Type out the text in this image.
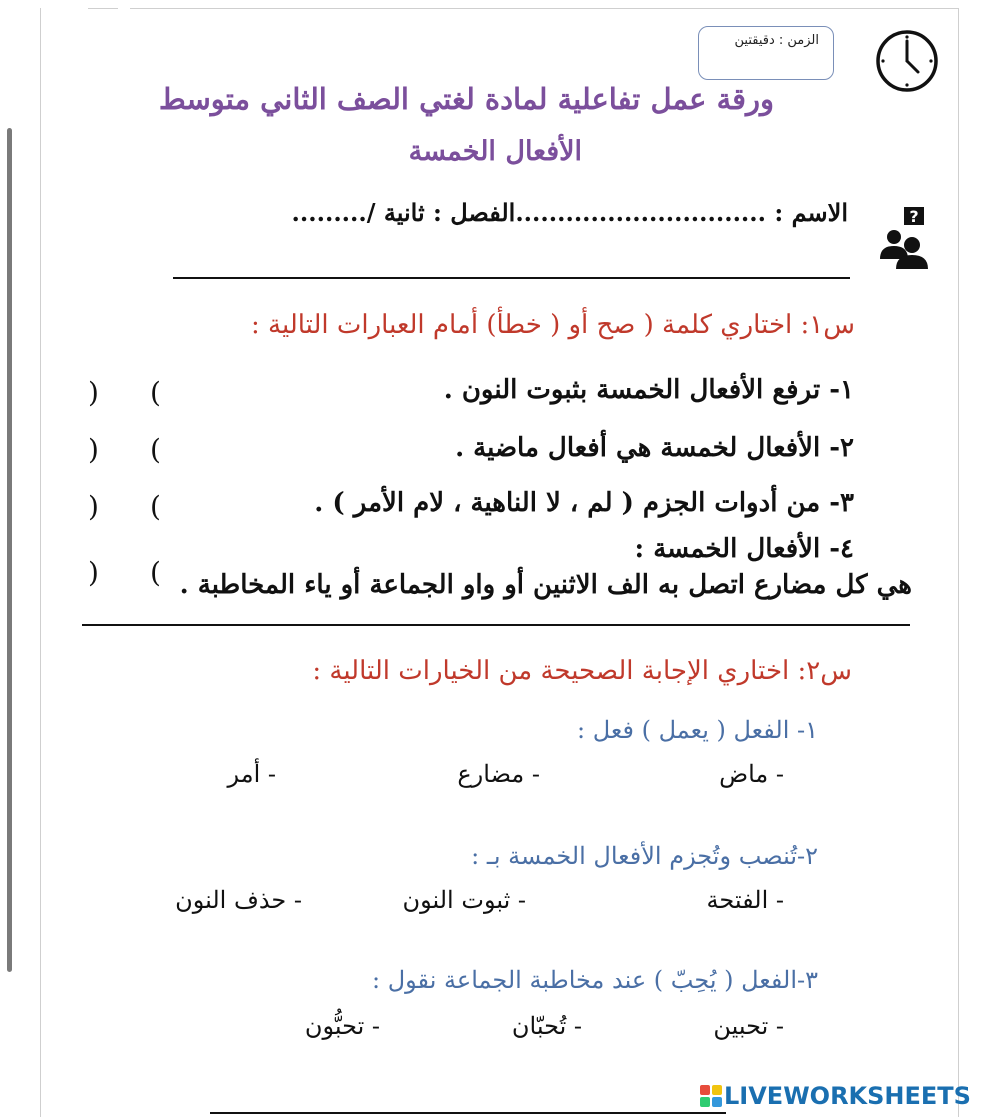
الزمن : دقيقتين
ورقة عمل تفاعلية لمادة لغتي الصف الثاني متوسط
الأفعال الخمسة
?
الاسم : ..............................الفصل : ثانية /.........
س١: اختاري كلمة ( صح أو ( خطأ) أمام العبارات التالية :
١- ترفع الأفعال الخمسة بثبوت النون .
٢- الأفعال لخمسة هي أفعال ماضية .
٣- من أدوات الجزم ( لم ، لا الناهية ، لام الأمر ) .
٤- الأفعال الخمسة :
هي كل مضارع اتصل به الف الاثنين أو واو الجماعة أو ياء المخاطبة .
(
)
(
)
(
)
(
)
س٢: اختاري الإجابة الصحيحة من الخيارات التالية :
١- الفعل ( يعمل ) فعل :
- ماض
- مضارع
- أمر
٢-تُنصب وتُجزم الأفعال الخمسة بـ :
- الفتحة
- ثبوت النون
- حذف النون
٣-الفعل ( يُحِبّ ) عند مخاطبة الجماعة نقول :
- تحبين
- تُحبّان
- تحبُّون
LIVEWORKSHEETS
